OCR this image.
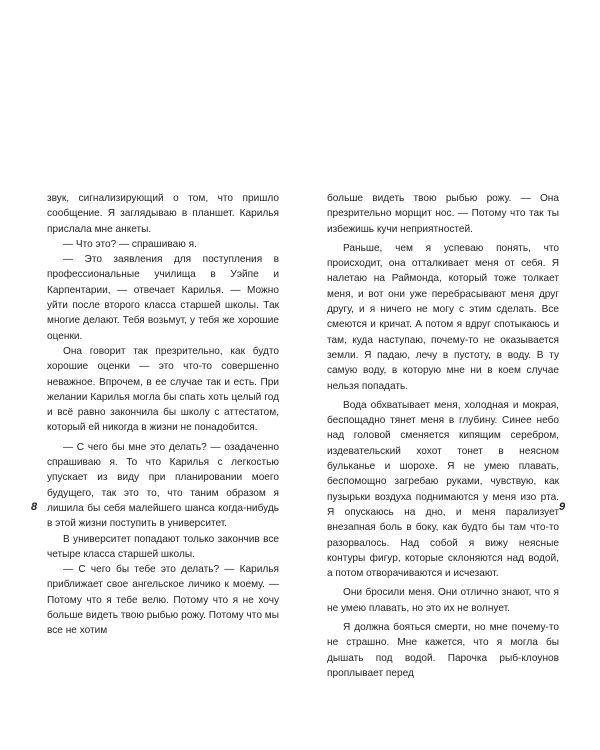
звук, сигнализирующий о том, что пришло сообщение. Я заглядываю в планшет. Карилья прислала мне анкеты.

— Что это? — спрашиваю я.

— Это заявления для поступления в профессиональные училища в Уэйпе и Карпентарии, — отвечает Карилья. — Можно уйти после второго класса старшей школы. Так многие делают. Тебя возьмут, у тебя же хорошие оценки.

Она говорит так презрительно, как будто хорошие оценки — это что-то совершенно неважное. Впрочем, в ее случае так и есть. При желании Карилья могла бы спать хоть целый год и всё равно закончила бы школу с аттестатом, который ей никогда в жизни не понадобится.

— С чего бы мне это делать? — озадаченно спрашиваю я. То что Карилья с легкостью упускает из виду при планировании моего будущего, так это то, что таним образом я лишила бы себя малейшего шанса когда-нибудь в этой жизни поступить в университет.

В университет попадают только закончив все четыре класса старшей школы.

— С чего бы тебе это делать? — Карилья приближает свое ангельское личико к моему. — Потому что я тебе велю. Потому что я не хочу больше видеть твою рыбью рожу. Потому что мы все не хотим

больше видеть твою рыбью рожу. — Она презрительно морщит нос. — Потому что так ты избежишь кучи неприятностей.

Раньше, чем я успеваю понять, что происходит, она отталкивает меня от себя. Я налетаю на Раймонда, который тоже толкает меня, и вот они уже перебрасывают меня друг другу, и я ничего не могу с этим сделать. Все смеются и кричат. А потом я вдруг спотыкаюсь и там, куда наступаю, почему-то не оказывается земли. Я падаю, лечу в пустоту, в воду. В ту самую воду, в которую мне ни в коем случае нельзя попадать.

Вода обхватывает меня, холодная и мокрая, беспощадно тянет меня в глубину. Синее небо над головой сменяется кипящим серебром, издевательский хохот тонет в неясном бульканье и шорохе. Я не умею плавать, беспомощно загребаю руками, чувствую, как пузырьки воздуха поднимаются у меня изо рта. Я опускаюсь на дно, и меня парализует внезапная боль в боку, как будто бы там что-то разорвалось. Над собой я вижу неясные контуры фигур, которые склоняются над водой, а потом отворачиваются и исчезают.

Они бросили меня. Они отлично знают, что я не умею плавать, но это их не волнует.

Я должна бояться смерти, но мне почему-то не страшно. Мне кажется, что я могла бы дышать под водой. Парочка рыб-клоунов проплывает перед

8	9
